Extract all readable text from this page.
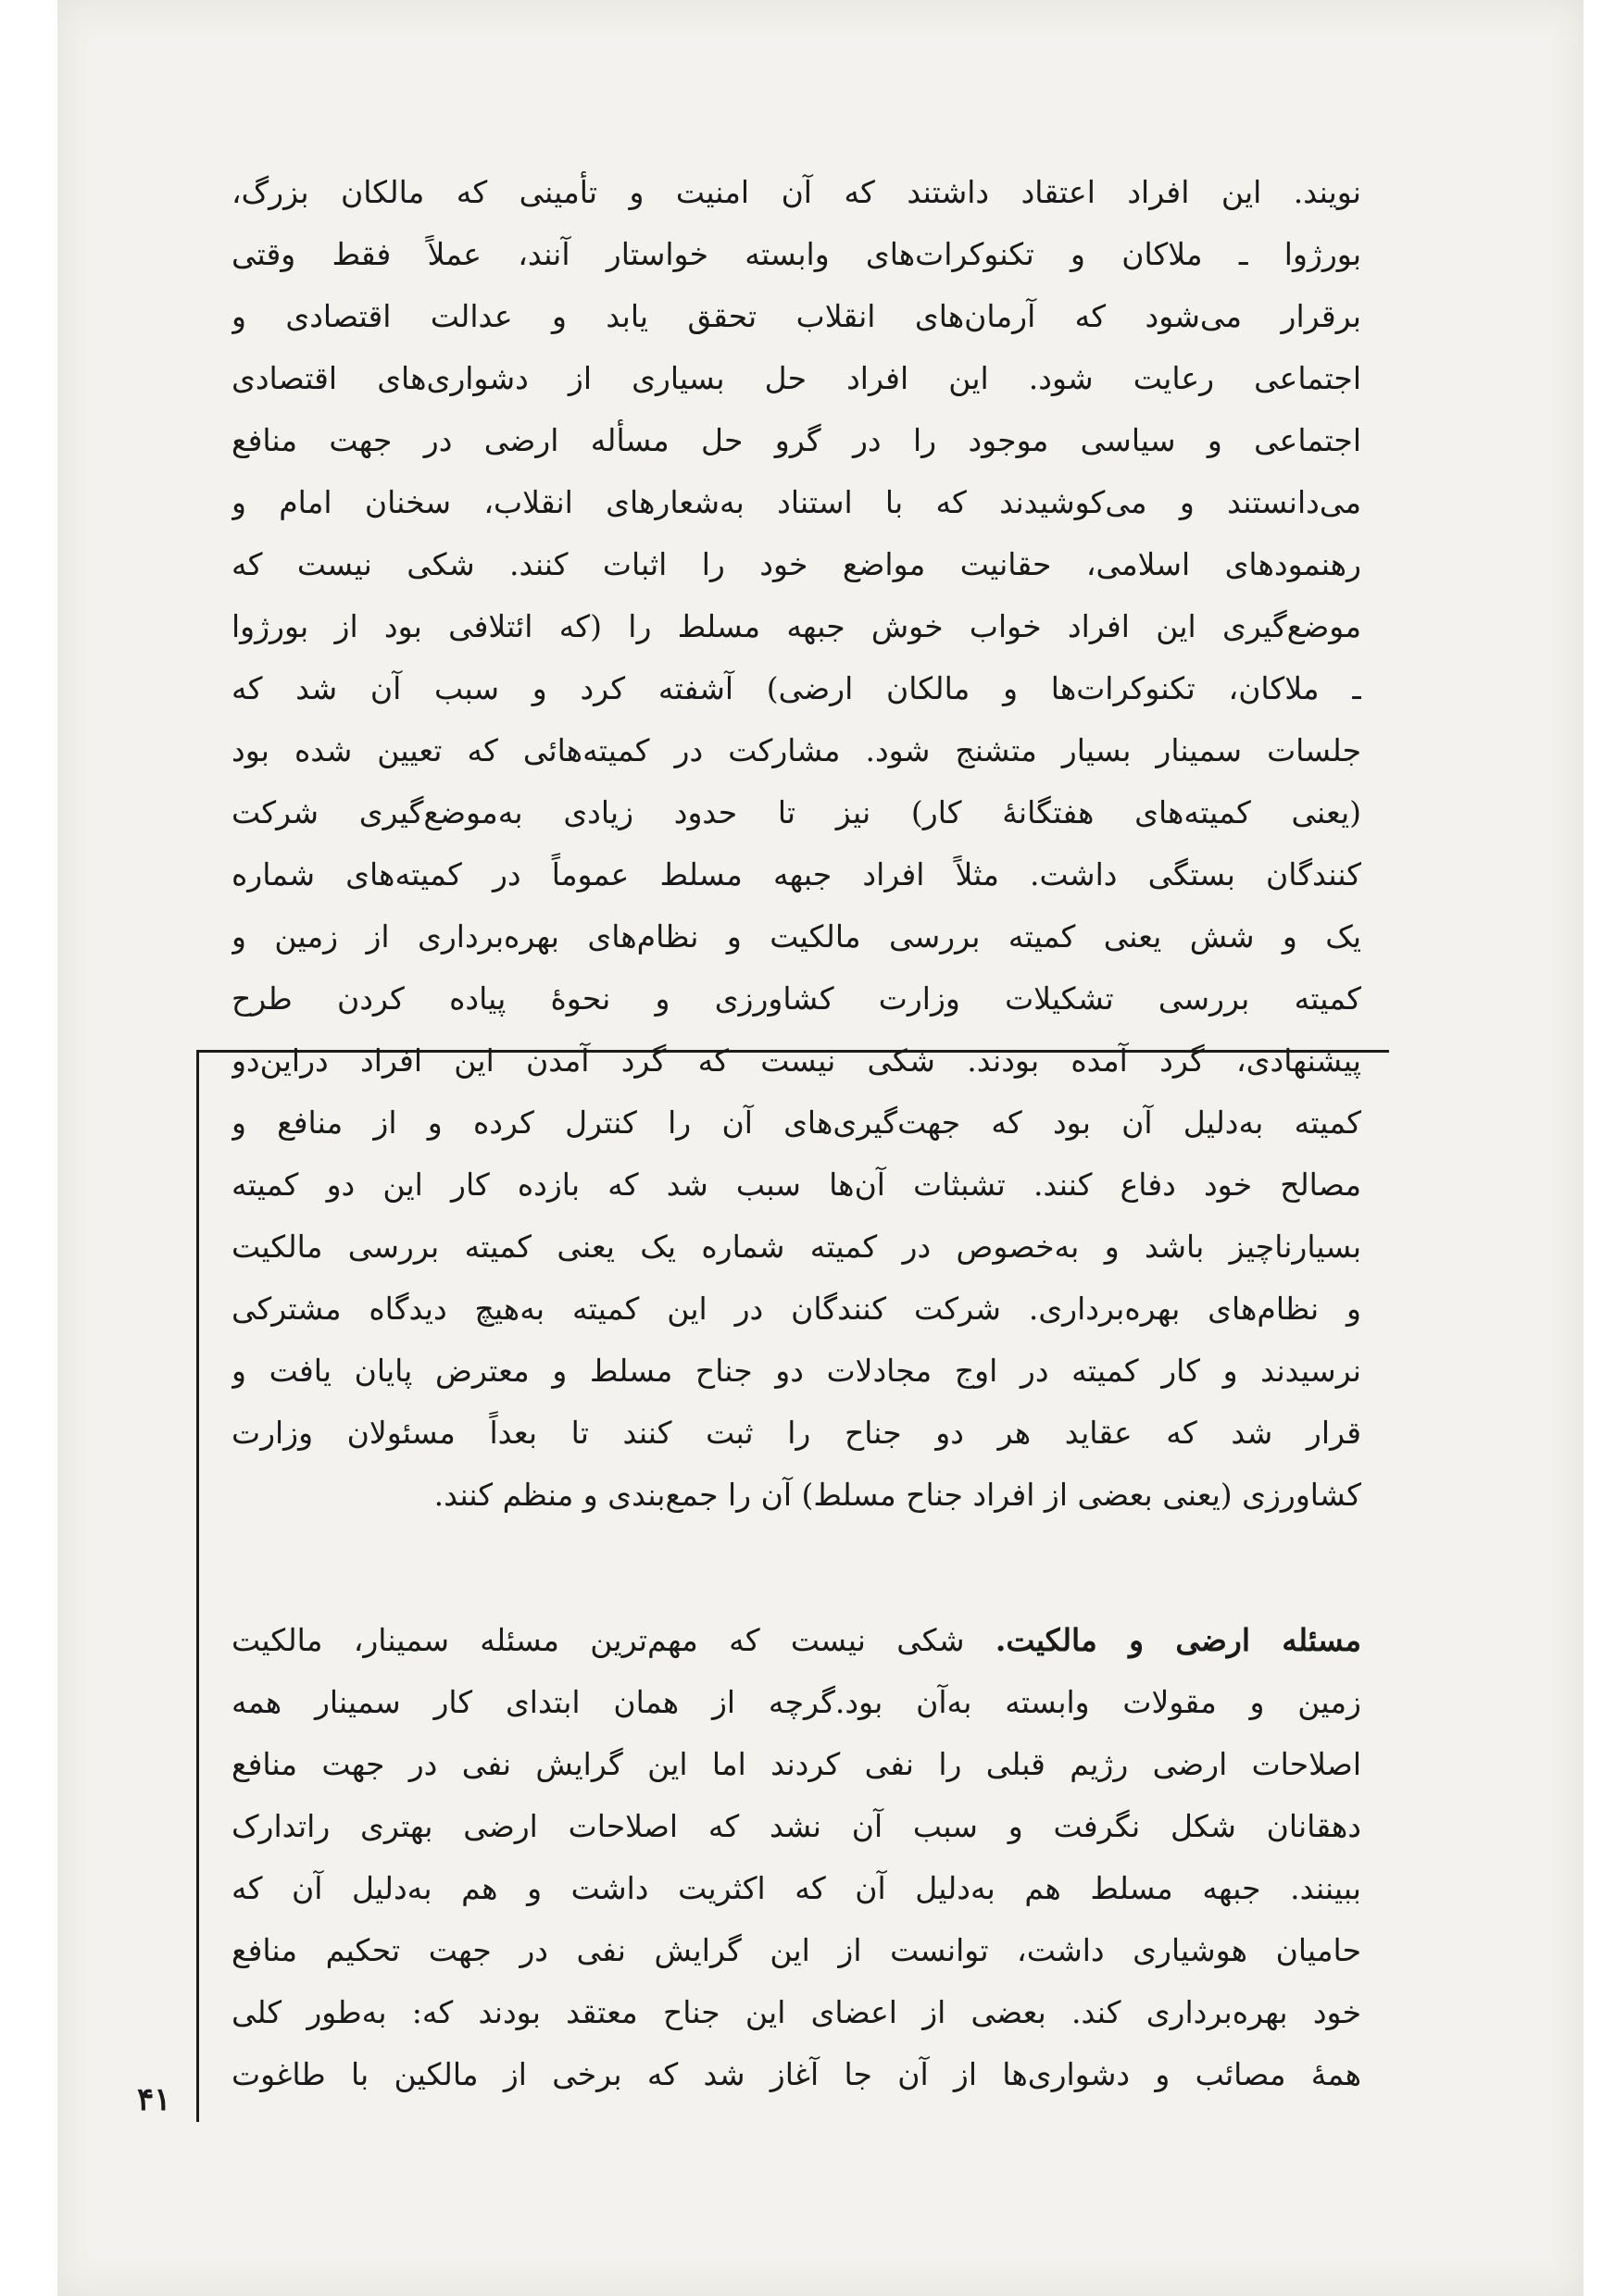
نویند. این افراد اعتقاد داشتند که آن امنیت و تأمینی که مالکان بزرگ،
بورژوا ـ ملاکان و تکنوکرات‌های وابسته خواستار آنند، عملاً فقط وقتی
برقرار می‌شود که آرمان‌های انقلاب تحقق یابد و عدالت اقتصادی و
اجتماعی رعایت شود. این افراد حل بسیاری از دشواری‌های اقتصادی
اجتماعی و سیاسی موجود را در گرو حل مسأله ارضی در جهت منافع
می‌دانستند و می‌کوشیدند که با استناد به‌شعارهای انقلاب، سخنان امام و
رهنمودهای اسلامی، حقانیت مواضع خود را اثبات کنند. شکی نیست که
موضع‌گیری این افراد خواب خوش جبهه مسلط را (که ائتلافی بود از بورژوا
ـ ملاکان، تکنوکرات‌ها و مالکان ارضی) آشفته کرد و سبب آن شد که
جلسات سمینار بسیار متشنج شود. مشارکت در کمیته‌هائی که تعیین شده بود
(یعنی کمیته‌های هفتگانهٔ کار) نیز تا حدود زیادی به‌موضع‌گیری شرکت
کنندگان بستگی داشت. مثلاً افراد جبهه مسلط عموماً در کمیته‌های شماره
یک و شش یعنی کمیته بررسی مالکیت و نظام‌های بهره‌برداری از زمین و
کمیته بررسی تشکیلات وزارت کشاورزی و نحوهٔ پیاده کردن طرح
پیشنهادی، گرد آمده بودند. شکی نیست که گرد آمدن این افراد دراین‌دو
کمیته به‌دلیل آن بود که جهت‌گیری‌های آن را کنترل کرده و از منافع و
مصالح خود دفاع کنند. تشبثات آن‌ها سبب شد که بازده کار این دو کمیته
بسیارناچیز باشد و به‌خصوص در کمیته شماره یک یعنی کمیته بررسی مالکیت
و نظام‌های بهره‌برداری. شرکت کنندگان در این کمیته به‌هیچ دیدگاه مشترکی
نرسیدند و کار کمیته در اوج مجادلات دو جناح مسلط و معترض پایان یافت و
قرار شد که عقاید هر دو جناح را ثبت کنند تا بعداً مسئولان وزارت
کشاورزی (یعنی بعضی از افراد جناح مسلط) آن را جمع‌بندی و منظم کنند.
مسئله ارضی و مالکیت. شکی نیست که مهم‌ترین مسئله سمینار، مالکیت
زمین و مقولات وابسته به‌آن بود.گرچه از همان ابتدای کار سمینار همه
اصلاحات ارضی رژیم قبلی را نفی کردند اما این گرایش نفی در جهت منافع
دهقانان شکل نگرفت و سبب آن نشد که اصلاحات ارضی بهتری راتدارک
ببینند. جبهه مسلط هم به‌دلیل آن که اکثریت داشت و هم به‌دلیل آن که
حامیان هوشیاری داشت، توانست از این گرایش نفی در جهت تحکیم منافع
خود بهره‌برداری کند. بعضی از اعضای این جناح معتقد بودند که: به‌طور کلی
همهٔ مصائب و دشواری‌ها از آن جا آغاز شد که برخی از مالکین با طاغوت
۴۱
